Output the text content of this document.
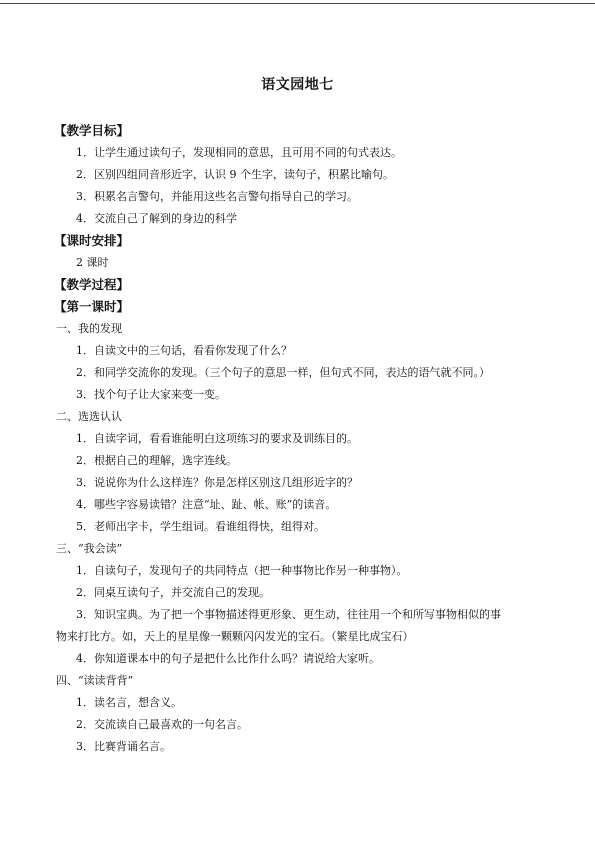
语文园地七
【教学目标】
1．让学生通过读句子，发现相同的意思，且可用不同的句式表达。
2．区别四组同音形近字，认识 9 个生字，读句子，积累比喻句。
3．积累名言警句，并能用这些名言警句指导自己的学习。
4．交流自己了解到的身边的科学
【课时安排】
2 课时
【教学过程】
【第一课时】
一、我的发现
1．自读文中的三句话，看看你发现了什么？
2．和同学交流你的发现。（三个句子的意思一样，但句式不同，表达的语气就不同。）
3．找个句子让大家来变一变。
二、选选认认
1．自读字词，看看谁能明白这项练习的要求及训练目的。
2．根据自己的理解，选字连线。
3．说说你为什么这样连？你是怎样区别这几组形近字的？
4．哪些字容易读错？注意“址、趾、帐、账”的读音。
5．老师出字卡，学生组词。看谁组得快，组得对。
三、“我会读”
1．自读句子，发现句子的共同特点（把一种事物比作另一种事物）。
2．同桌互读句子，并交流自己的发现。
3．知识宝典。为了把一个事物描述得更形象、更生动，往往用一个和所写事物相似的事
物来打比方。如，天上的星星像一颗颗闪闪发光的宝石。（繁星比成宝石）
4．你知道课本中的句子是把什么比作什么吗？请说给大家听。
四、“读读背背”
1．读名言，想含义。
2．交流读自己最喜欢的一句名言。
3．比赛背诵名言。
